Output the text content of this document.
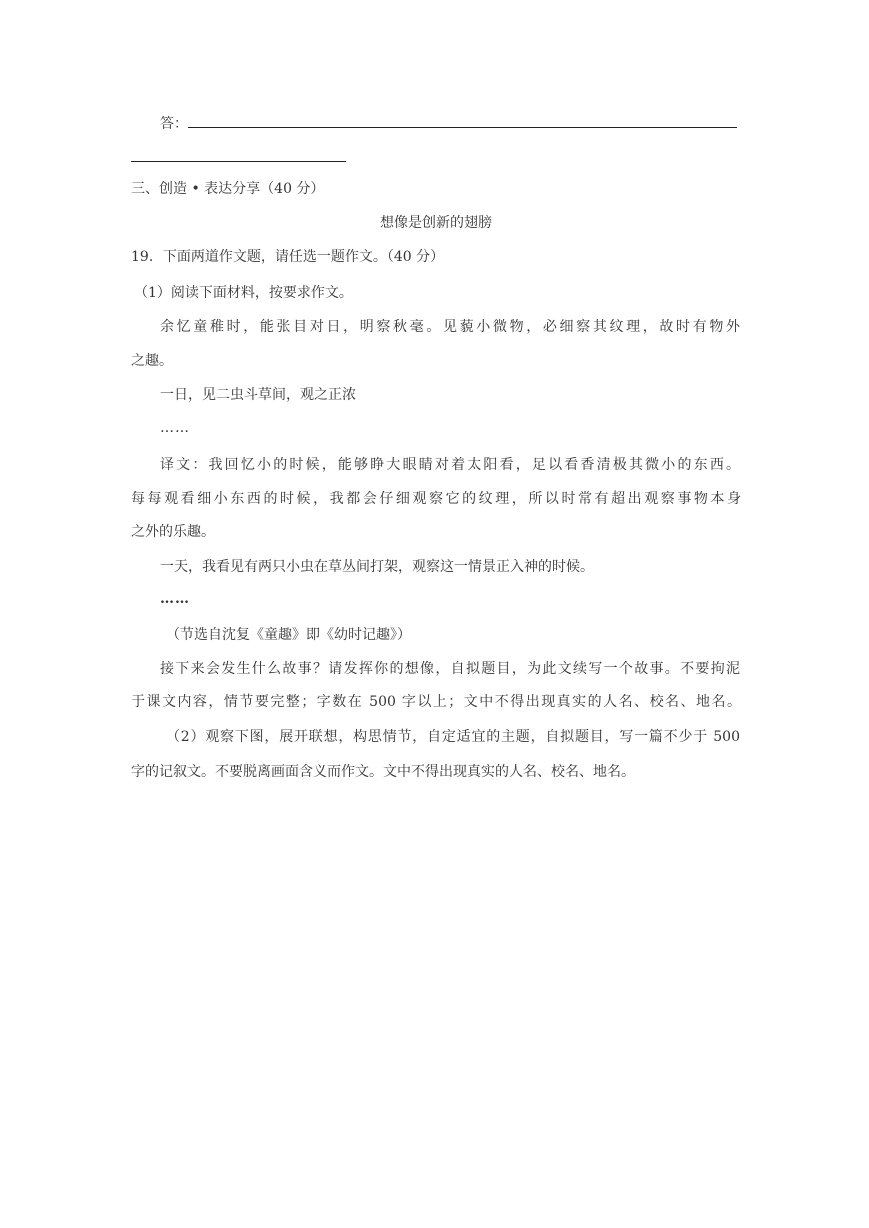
答：
三、创造 • 表达分享（40 分）
想像是创新的翅膀
19．下面两道作文题，请任选一题作文。（40 分）
（1）阅读下面材料，按要求作文。
余忆童稚时，能张目对日，明察秋毫。见藐小微物，必细察其纹理，故时有物外
之趣。
一日，见二虫斗草间，观之正浓
……
译文：我回忆小的时候，能够睁大眼睛对着太阳看，足以看香清极其微小的东西。
每每观看细小东西的时候，我都会仔细观察它的纹理，所以时常有超出观察事物本身
之外的乐趣。
一天，我看见有两只小虫在草丛间打架，观察这一情景正入神的时候。
……
（节选自沈复《童趣》即《幼时记趣》）
接下来会发生什么故事？请发挥你的想像，自拟题目，为此文续写一个故事。不要拘泥
于课文内容，情节要完整；字数在 500 字以上；文中不得出现真实的人名、校名、地名。
（2）观察下图，展开联想，构思情节，自定适宜的主题，自拟题目，写一篇不少于 500
字的记叙文。不要脱离画面含义而作文。文中不得出现真实的人名、校名、地名。
